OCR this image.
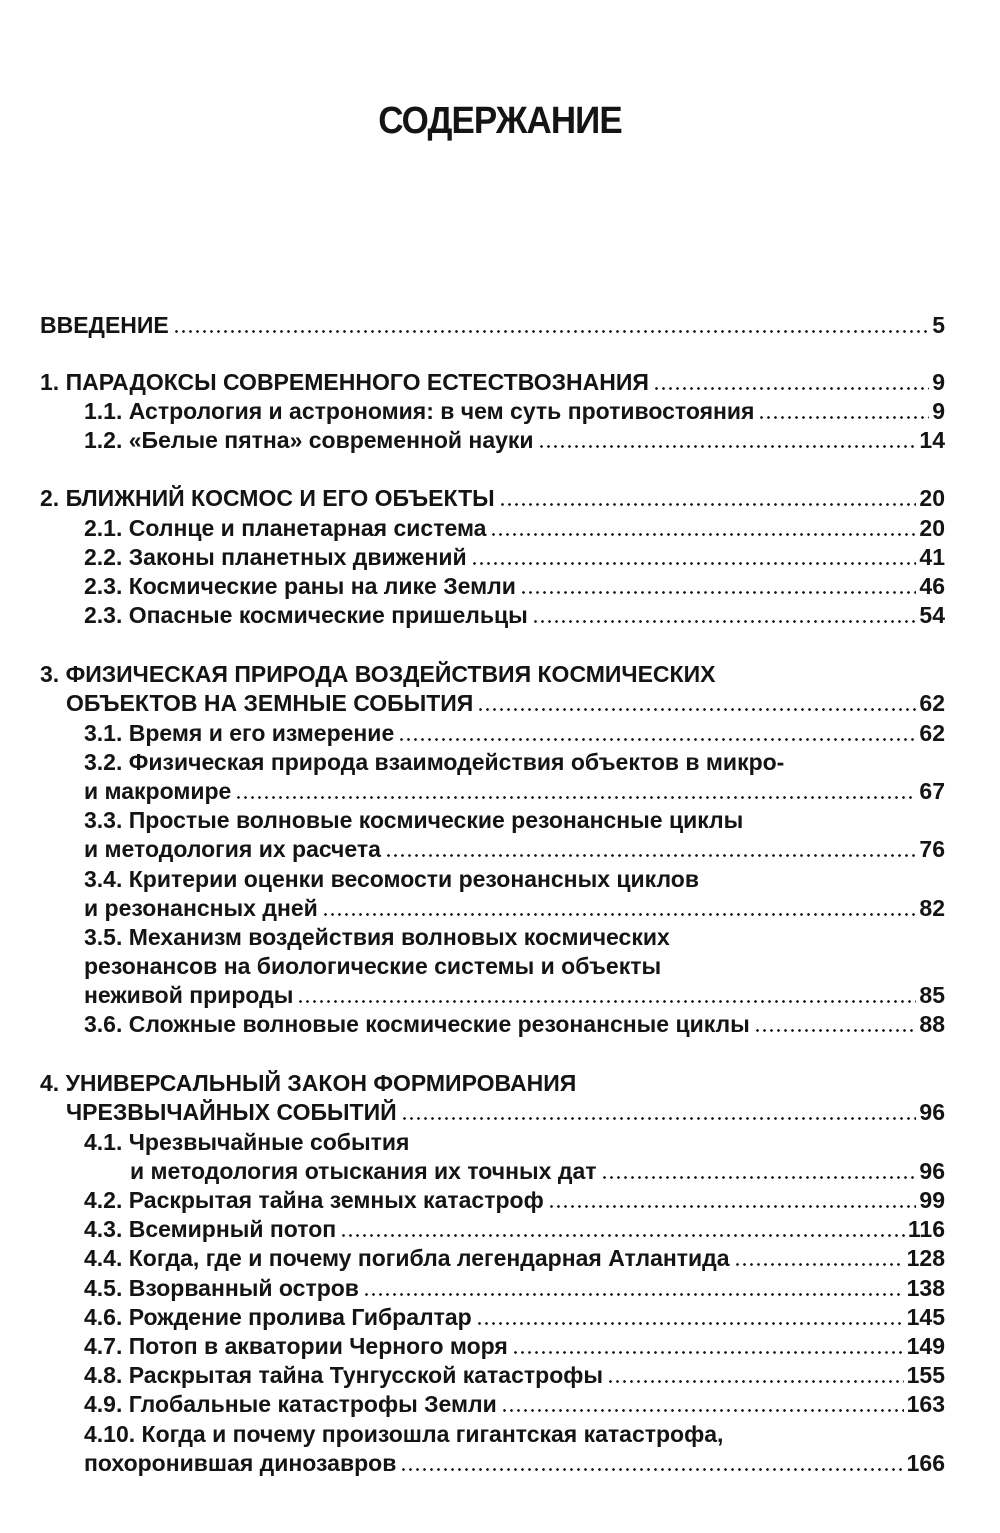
СОДЕРЖАНИЕ
ВВЕДЕНИЕ	5
1. ПАРАДОКСЫ СОВРЕМЕННОГО ЕСТЕСТВОЗНАНИЯ	9
1.1. Астрология и астрономия: в чем суть противостояния	9
1.2. «Белые пятна» современной науки	14
2. БЛИЖНИЙ КОСМОС И ЕГО ОБЪЕКТЫ	20
2.1. Солнце и планетарная система	20
2.2. Законы планетных движений	41
2.3. Космические раны на лике Земли	46
2.3. Опасные космические пришельцы	54
3. ФИЗИЧЕСКАЯ ПРИРОДА ВОЗДЕЙСТВИЯ КОСМИЧЕСКИХ
ОБЪЕКТОВ НА ЗЕМНЫЕ СОБЫТИЯ	62
3.1. Время и его измерение	62
3.2. Физическая природа взаимодействия объектов в микро-
и макромире	67
3.3. Простые волновые космические резонансные циклы
и методология их расчета	76
3.4. Критерии оценки весомости резонансных циклов
и резонансных дней	82
3.5. Механизм воздействия волновых космических
резонансов на биологические системы и объекты
неживой природы	85
3.6. Сложные волновые космические резонансные циклы	88
4. УНИВЕРСАЛЬНЫЙ ЗАКОН ФОРМИРОВАНИЯ
ЧРЕЗВЫЧАЙНЫХ СОБЫТИЙ	96
4.1. Чрезвычайные события
и методология отыскания их точных дат	96
4.2. Раскрытая тайна земных катастроф	99
4.3. Всемирный потоп	116
4.4. Когда, где и почему погибла легендарная Атлантида	128
4.5. Взорванный остров	138
4.6. Рождение пролива Гибралтар	145
4.7. Потоп в акватории Черного моря	149
4.8. Раскрытая тайна Тунгусской катастрофы	155
4.9. Глобальные катастрофы Земли	163
4.10. Когда и почему произошла гигантская катастрофа,
похоронившая динозавров	166
